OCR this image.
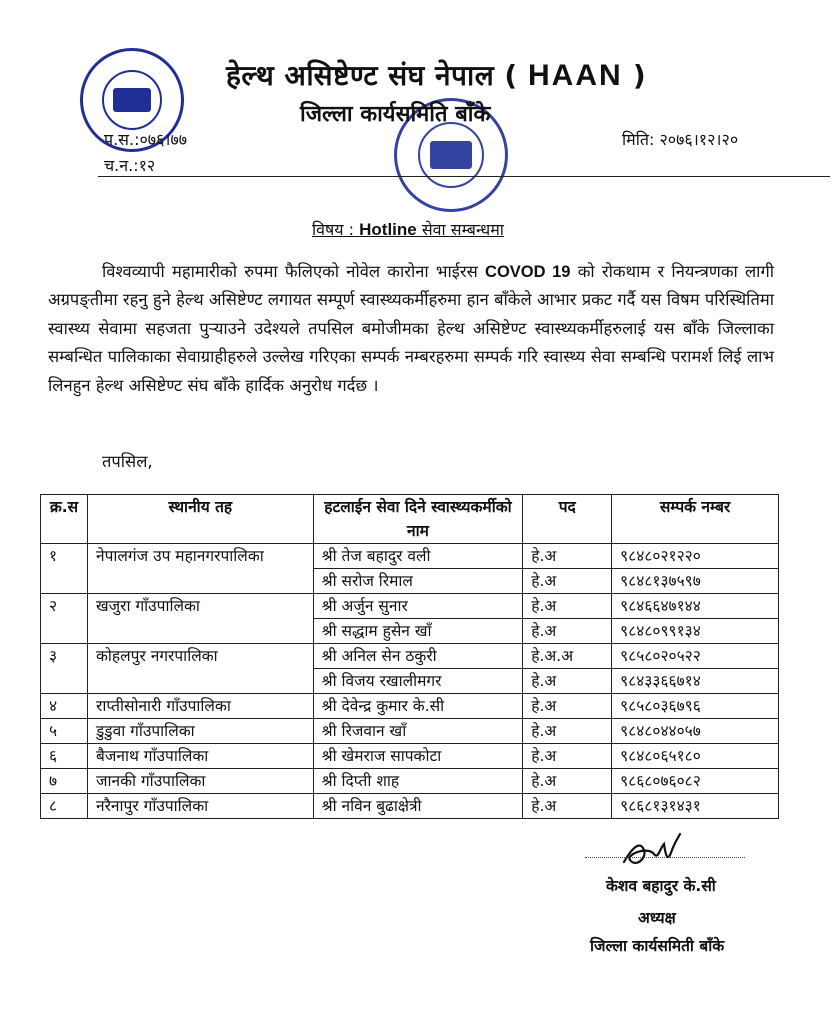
हेल्थ असिष्टेण्ट संघ नेपाल ( HAAN )
जिल्ला कार्यसमिति बाँके
प.स.:०७६।७७
च.न.:१२
मिति: २०७६।१२।२०
विषय : Hotline सेवा सम्बन्धमा
विश्वव्यापी महामारीको रुपमा फैलिएको नोवेल कारोना भाईरस COVOD 19 को रोकथाम र नियन्त्रणका लागी अग्रपङ्तीमा रहनु हुने हेल्थ असिष्टेण्ट लगायत सम्पूर्ण स्वास्थ्यकर्मीहरुमा हान बाँकेले आभार प्रकट गर्दै यस विषम परिस्थितिमा स्वास्थ्य सेवामा सहजता पुर्‍याउने उदेश्यले तपसिल बमोजीमका हेल्थ असिष्टेण्ट स्वास्थ्यकर्मीहरुलाई यस बाँके जिल्लाका सम्बन्धित पालिकाका सेवाग्राहीहरुले उल्लेख गरिएका सम्पर्क नम्बरहरुमा सम्पर्क गरि स्वास्थ्य सेवा सम्बन्धि परामर्श लिई लाभ लिनहुन हेल्थ असिष्टेण्ट संघ बाँके हार्दिक अनुरोध गर्दछ ।
तपसिल,
क्र.स	स्थानीय तह	हटलाईन सेवा दिने स्वास्थ्यकर्मीको नाम	पद	सम्पर्क नम्बर
१	नेपालगंज उप महानगरपालिका	श्री तेज बहादुर वली	हे.अ	९८४८०२१२२०
		श्री सरोज रिमाल	हे.अ	९८४८१३७५९७
२	खजुरा गाँउपालिका	श्री अर्जुन सुनार	हे.अ	९८४६६४७१४४
		श्री सद्धाम हुसेन खाँ	हे.अ	९८४८०९९१३४
३	कोहलपुर नगरपालिका	श्री अनिल सेन ठकुरी	हे.अ.अ	९८५८०२०५२२
		श्री विजय रखालीमगर	हे.अ	९८४३३६६७१४
४	राप्तीसोनारी गाँउपालिका	श्री देवेन्द्र कुमार के.सी	हे.अ	९८५८०३६७९६
५	डुडुवा गाँउपालिका	श्री रिजवान खाँ	हे.अ	९८४८०४४०५७
६	बैजनाथ गाँउपालिका	श्री खेमराज सापकोटा	हे.अ	९८४८०६५१८०
७	जानकी गाँउपालिका	श्री दिप्ती शाह	हे.अ	९८६८०७६०८२
८	नरैनापुर गाँउपालिका	श्री नविन बुढाक्षेत्री	हे.अ	९८६८१३१४३१
केशव बहादुर के.सी
अध्यक्ष
जिल्ला कार्यसमिती बाँके
